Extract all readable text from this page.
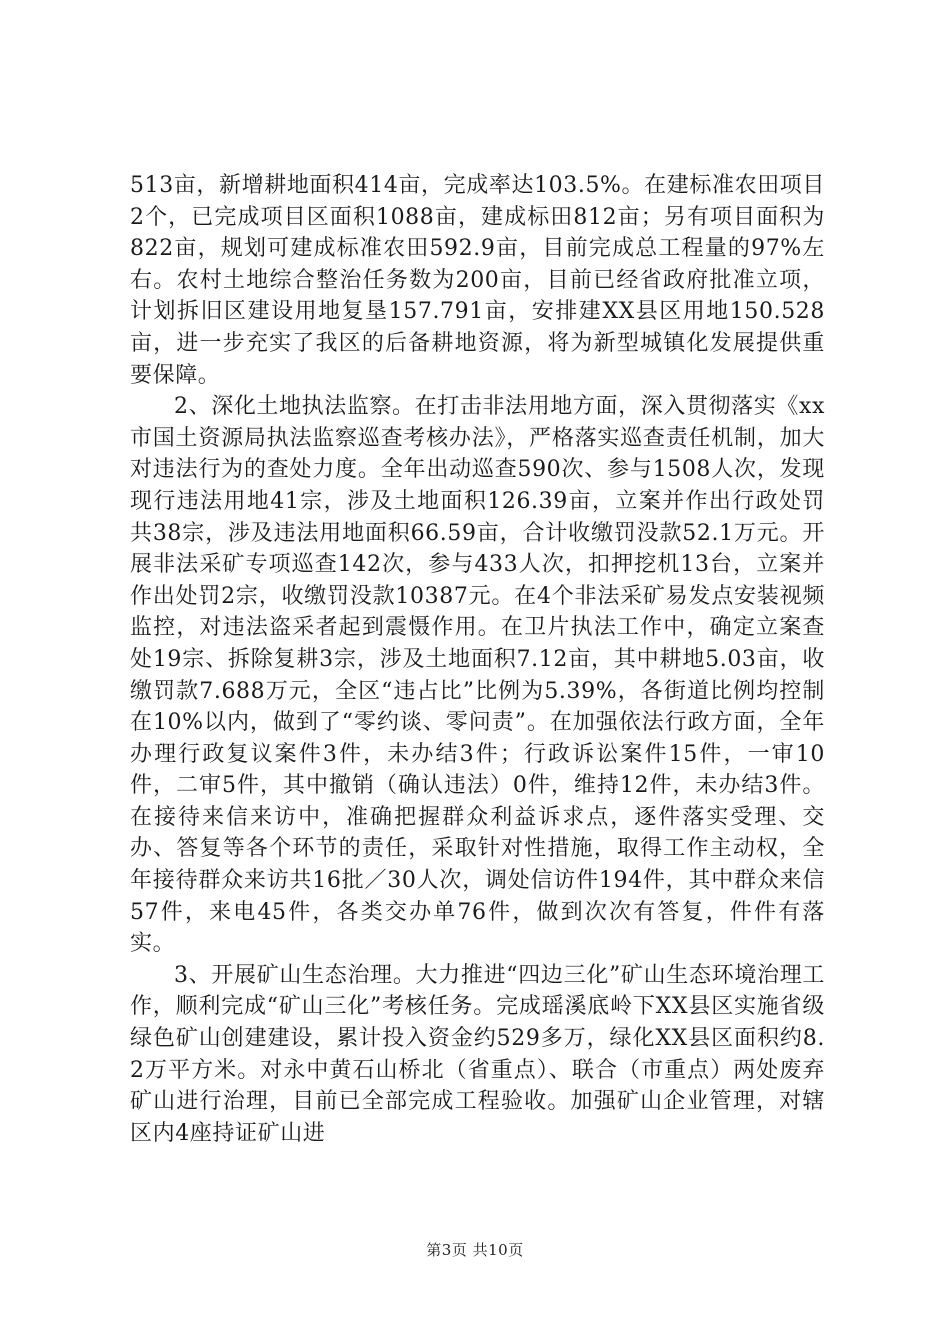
513亩，新增耕地面积414亩，完成率达103.5%。在建标准农田项目2个，已完成项目区面积1088亩，建成标田812亩；另有项目面积为822亩，规划可建成标准农田592.9亩，目前完成总工程量的97%左右。农村土地综合整治任务数为200亩，目前已经省政府批准立项，计划拆旧区建设用地复垦157.791亩，安排建XX县区用地150.528亩，进一步充实了我区的后备耕地资源，将为新型城镇化发展提供重要保障。

2、深化土地执法监察。在打击非法用地方面，深入贯彻落实《xx市国土资源局执法监察巡查考核办法》，严格落实巡查责任机制，加大对违法行为的查处力度。全年出动巡查590次、参与1508人次，发现现行违法用地41宗，涉及土地面积126.39亩，立案并作出行政处罚共38宗，涉及违法用地面积66.59亩，合计收缴罚没款52.1万元。开展非法采矿专项巡查142次，参与433人次，扣押挖机13台，立案并作出处罚2宗，收缴罚没款10387元。在4个非法采矿易发点安装视频监控，对违法盗采者起到震慑作用。在卫片执法工作中，确定立案查处19宗、拆除复耕3宗，涉及土地面积7.12亩，其中耕地5.03亩，收缴罚款7.688万元，全区“违占比”比例为5.39%，各街道比例均控制在10%以内，做到了“零约谈、零问责”。在加强依法行政方面，全年办理行政复议案件3件，未办结3件；行政诉讼案件15件，一审10件，二审5件，其中撤销（确认违法）0件，维持12件，未办结3件。在接待来信来访中，准确把握群众利益诉求点，逐件落实受理、交办、答复等各个环节的责任，采取针对性措施，取得工作主动权，全年接待群众来访共16批／30人次，调处信访件194件，其中群众来信57件，来电45件，各类交办单76件，做到次次有答复，件件有落实。

3、开展矿山生态治理。大力推进“四边三化”矿山生态环境治理工作，顺利完成“矿山三化”考核任务。完成瑶溪底岭下XX县区实施省级绿色矿山创建建设，累计投入资金约529多万，绿化XX县区面积约8.2万平方米。对永中黄石山桥北（省重点）、联合（市重点）两处废弃矿山进行治理，目前已全部完成工程验收。加强矿山企业管理，对辖区内4座持证矿山进

第3页 共10页
